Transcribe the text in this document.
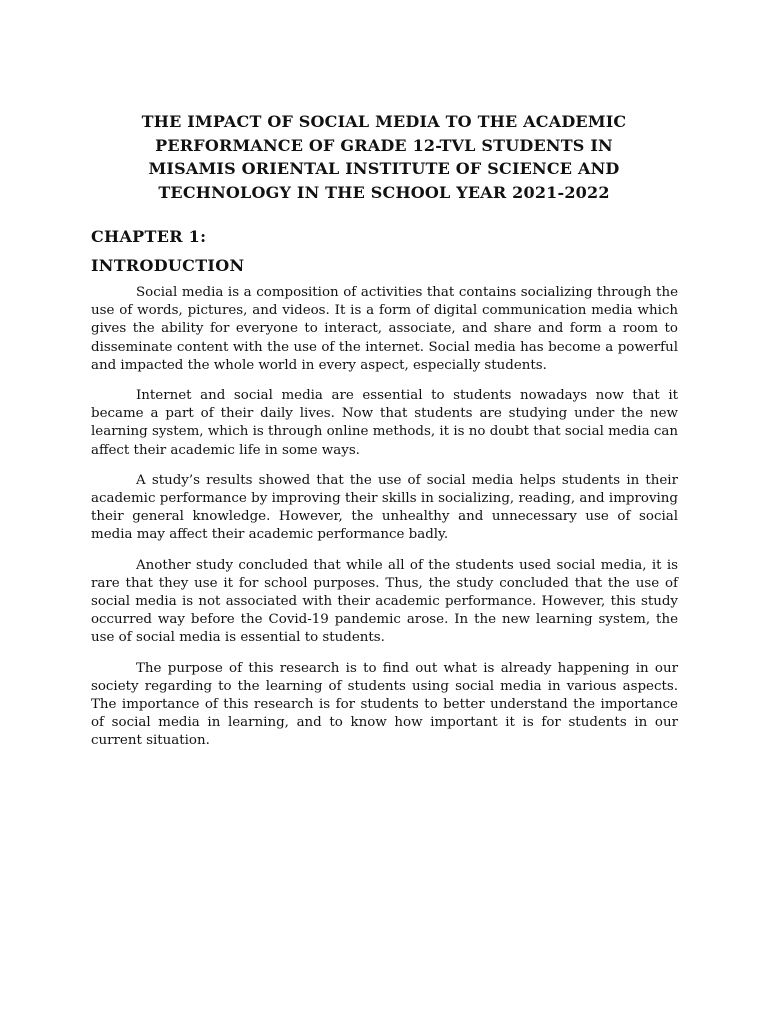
THE IMPACT OF SOCIAL MEDIA TO THE ACADEMIC
PERFORMANCE OF GRADE 12-TVL STUDENTS IN
MISAMIS ORIENTAL INSTITUTE OF SCIENCE AND
TECHNOLOGY IN THE SCHOOL YEAR 2021-2022
CHAPTER 1:
INTRODUCTION

Social media is a composition of activities that contains socializing through the use of words, pictures, and videos. It is a form of digital communication media which gives the ability for everyone to interact, associate, and share and form a room to disseminate content with the use of the internet. Social media has become a powerful and impacted the whole world in every aspect, especially students.

Internet and social media are essential to students nowadays now that it became a part of their daily lives. Now that students are studying under the new learning system, which is through online methods, it is no doubt that social media can affect their academic life in some ways.

A study’s results showed that the use of social media helps students in their academic performance by improving their skills in socializing, reading, and improving their general knowledge. However, the unhealthy and unnecessary use of social media may affect their academic performance badly.

Another study concluded that while all of the students used social media, it is rare that they use it for school purposes. Thus, the study concluded that the use of social media is not associated with their academic performance. However, this study occurred way before the Covid-19 pandemic arose. In the new learning system, the use of social media is essential to students.

The purpose of this research is to find out what is already happening in our society regarding to the learning of students using social media in various aspects. The importance of this research is for students to better understand the importance of social media in learning, and to know how important it is for students in our current situation.
